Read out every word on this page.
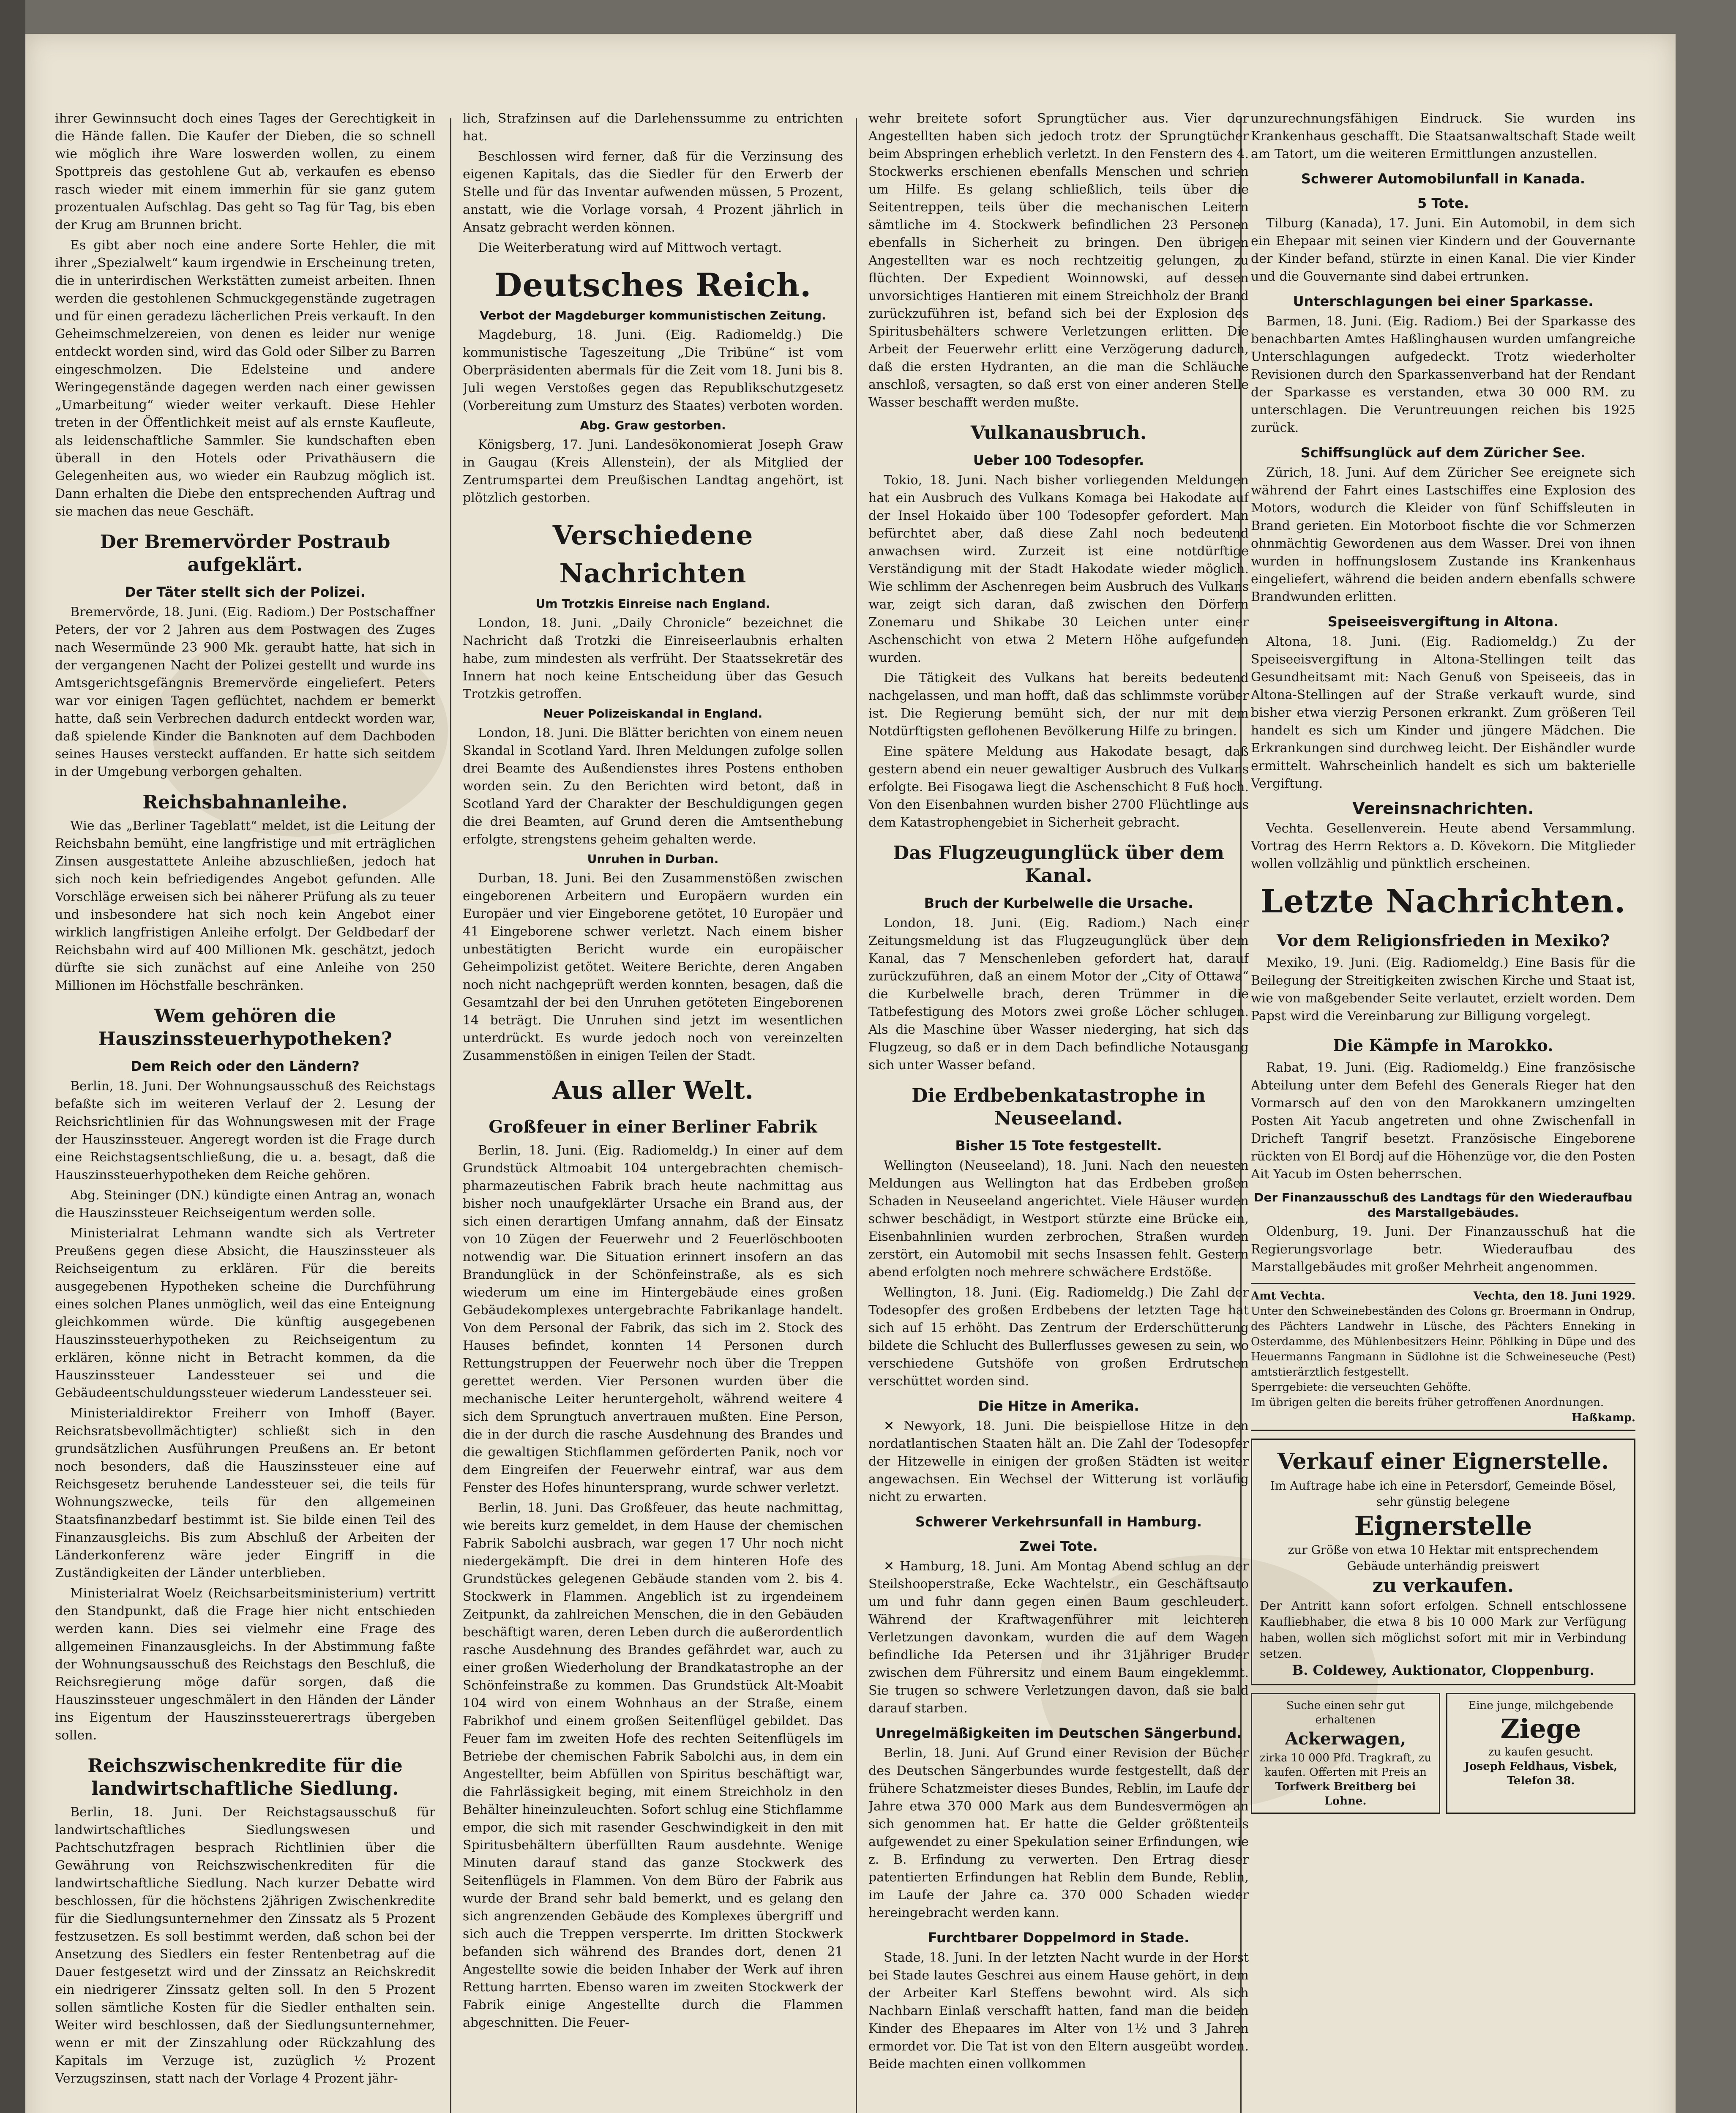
ihrer Gewinnsucht doch eines Tages der Gerechtigkeit in die Hände fallen. Die Kaufer der Dieben, die so schnell wie möglich ihre Ware loswerden wollen, zu einem Spottpreis das gestohlene Gut ab, verkaufen es ebenso rasch wieder mit einem immerhin für sie ganz gutem prozentualen Aufschlag. Das geht so Tag für Tag, bis eben der Krug am Brunnen bricht.

Es gibt aber noch eine andere Sorte Hehler, die mit ihrer „Spezialwelt“ kaum irgendwie in Erscheinung treten, die in unterirdischen Werkstätten zumeist arbeiten. Ihnen werden die gestohlenen Schmuckgegenstände zugetragen und für einen geradezu lächerlichen Preis verkauft. In den Geheimschmelzereien, von denen es leider nur wenige entdeckt worden sind, wird das Gold oder Silber zu Barren eingeschmolzen. Die Edelsteine und andere Weringegenstände dagegen werden nach einer gewissen „Umarbeitung“ wieder weiter verkauft. Diese Hehler treten in der Öffentlichkeit meist auf als ernste Kaufleute, als leidenschaftliche Sammler. Sie kundschaften eben überall in den Hotels oder Privathäusern die Gelegenheiten aus, wo wieder ein Raubzug möglich ist. Dann erhalten die Diebe den entsprechenden Auftrag und sie machen das neue Geschäft.

Der Bremervörder Postraub aufgeklärt.
Der Täter stellt sich der Polizei.

Bremervörde, 18. Juni. (Eig. Radiom.) Der Postschaffner Peters, der vor 2 Jahren aus dem Postwagen des Zuges nach Wesermünde 23 900 Mk. geraubt hatte, hat sich in der vergangenen Nacht der Polizei gestellt und wurde ins Amtsgerichtsgefängnis Bremervörde eingeliefert. Peters war vor einigen Tagen geflüchtet, nachdem er bemerkt hatte, daß sein Verbrechen dadurch entdeckt worden war, daß spielende Kinder die Banknoten auf dem Dachboden seines Hauses versteckt auffanden. Er hatte sich seitdem in der Umgebung verborgen gehalten.

Reichsbahnanleihe.

Wie das „Berliner Tageblatt“ meldet, ist die Leitung der Reichsbahn bemüht, eine langfristige und mit erträglichen Zinsen ausgestattete Anleihe abzuschließen, jedoch hat sich noch kein befriedigendes Angebot gefunden. Alle Vorschläge erweisen sich bei näherer Prüfung als zu teuer und insbesondere hat sich noch kein Angebot einer wirklich langfristigen Anleihe erfolgt. Der Geldbedarf der Reichsbahn wird auf 400 Millionen Mk. geschätzt, jedoch dürfte sie sich zunächst auf eine Anleihe von 250 Millionen im Höchstfalle beschränken.

Wem gehören die Hauszinssteuerhypotheken?
Dem Reich oder den Ländern?

Berlin, 18. Juni. Der Wohnungsausschuß des Reichstags befaßte sich im weiteren Verlauf der 2. Lesung der Reichsrichtlinien für das Wohnungswesen mit der Frage der Hauszinssteuer. Angeregt worden ist die Frage durch eine Reichstagsentschließung, die u. a. besagt, daß die Hauszinssteuerhypotheken dem Reiche gehören.

Abg. Steininger (DN.) kündigte einen Antrag an, wonach die Hauszinssteuer Reichseigentum werden solle.

Ministerialrat Lehmann wandte sich als Vertreter Preußens gegen diese Absicht, die Hauszinssteuer als Reichseigentum zu erklären. Für die bereits ausgegebenen Hypotheken scheine die Durchführung eines solchen Planes unmöglich, weil das eine Enteignung gleichkommen würde. Die künftig ausgegebenen Hauszinssteuerhypotheken zu Reichseigentum zu erklären, könne nicht in Betracht kommen, da die Hauszinssteuer Landessteuer sei und die Gebäudeentschuldungssteuer wiederum Landessteuer sei.

Ministerialdirektor Freiherr von Imhoff (Bayer. Reichsratsbevollmächtigter) schließt sich in den grundsätzlichen Ausführungen Preußens an. Er betont noch besonders, daß die Hauszinssteuer eine auf Reichsgesetz beruhende Landessteuer sei, die teils für Wohnungszwecke, teils für den allgemeinen Staatsfinanzbedarf bestimmt ist. Sie bilde einen Teil des Finanzausgleichs. Bis zum Abschluß der Arbeiten der Länderkonferenz wäre jeder Eingriff in die Zuständigkeiten der Länder unterblieben.

Ministerialrat Woelz (Reichsarbeitsministerium) vertritt den Standpunkt, daß die Frage hier nicht entschieden werden kann. Dies sei vielmehr eine Frage des allgemeinen Finanzausgleichs. In der Abstimmung faßte der Wohnungsausschuß des Reichstags den Beschluß, die Reichsregierung möge dafür sorgen, daß die Hauszinssteuer ungeschmälert in den Händen der Länder ins Eigentum der Hauszinssteuerertrags übergeben sollen.

Reichszwischenkredite für die landwirtschaftliche Siedlung.

Berlin, 18. Juni. Der Reichstagsausschuß für landwirtschaftliches Siedlungswesen und Pachtschutzfragen besprach Richtlinien über die Gewährung von Reichszwischenkrediten für die landwirtschaftliche Siedlung. Nach kurzer Debatte wird beschlossen, für die höchstens 2jährigen Zwischenkredite für die Siedlungsunternehmer den Zinssatz als 5 Prozent festzusetzen. Es soll bestimmt werden, daß schon bei der Ansetzung des Siedlers ein fester Rentenbetrag auf die Dauer festgesetzt wird und der Zinssatz an Reichskredit ein niedrigerer Zinssatz gelten soll. In den 5 Prozent sollen sämtliche Kosten für die Siedler enthalten sein. Weiter wird beschlossen, daß der Siedlungsunternehmer, wenn er mit der Zinszahlung oder Rückzahlung des Kapitals im Verzuge ist, zuzüglich ½ Prozent Verzugszinsen, statt nach der Vorlage 4 Prozent jähr-

lich, Strafzinsen auf die Darlehenssumme zu entrichten hat.

Beschlossen wird ferner, daß für die Verzinsung des eigenen Kapitals, das die Siedler für den Erwerb der Stelle und für das Inventar aufwenden müssen, 5 Prozent, anstatt, wie die Vorlage vorsah, 4 Prozent jährlich in Ansatz gebracht werden können.

Die Weiterberatung wird auf Mittwoch vertagt.

Deutsches Reich.
Verbot der Magdeburger kommunistischen Zeitung.

Magdeburg, 18. Juni. (Eig. Radiomeldg.) Die kommunistische Tageszeitung „Die Tribüne“ ist vom Oberpräsidenten abermals für die Zeit vom 18. Juni bis 8. Juli wegen Verstoßes gegen das Republikschutzgesetz (Vorbereitung zum Umsturz des Staates) verboten worden.

Abg. Graw gestorben.

Königsberg, 17. Juni. Landesökonomierat Joseph Graw in Gaugau (Kreis Allenstein), der als Mitglied der Zentrumspartei dem Preußischen Landtag angehört, ist plötzlich gestorben.

Verschiedene Nachrichten
Um Trotzkis Einreise nach England.

London, 18. Juni. „Daily Chronicle“ bezeichnet die Nachricht daß Trotzki die Einreiseerlaubnis erhalten habe, zum mindesten als verfrüht. Der Staatssekretär des Innern hat noch keine Entscheidung über das Gesuch Trotzkis getroffen.

Neuer Polizeiskandal in England.

London, 18. Juni. Die Blätter berichten von einem neuen Skandal in Scotland Yard. Ihren Meldungen zufolge sollen drei Beamte des Außendienstes ihres Postens enthoben worden sein. Zu den Berichten wird betont, daß in Scotland Yard der Charakter der Beschuldigungen gegen die drei Beamten, auf Grund deren die Amtsenthebung erfolgte, strengstens geheim gehalten werde.

Unruhen in Durban.

Durban, 18. Juni. Bei den Zusammenstößen zwischen eingeborenen Arbeitern und Europäern wurden ein Europäer und vier Eingeborene getötet, 10 Europäer und 41 Eingeborene schwer verletzt. Nach einem bisher unbestätigten Bericht wurde ein europäischer Geheimpolizist getötet. Weitere Berichte, deren Angaben noch nicht nachgeprüft werden konnten, besagen, daß die Gesamtzahl der bei den Unruhen getöteten Eingeborenen 14 beträgt. Die Unruhen sind jetzt im wesentlichen unterdrückt. Es wurde jedoch noch von vereinzelten Zusammenstößen in einigen Teilen der Stadt.

Aus aller Welt.
Großfeuer in einer Berliner Fabrik

Berlin, 18. Juni. (Eig. Radiomeldg.) In einer auf dem Grundstück Altmoabit 104 untergebrachten chemisch-pharmazeutischen Fabrik brach heute nachmittag aus bisher noch unaufgeklärter Ursache ein Brand aus, der sich einen derartigen Umfang annahm, daß der Einsatz von 10 Zügen der Feuerwehr und 2 Feuerlöschbooten notwendig war. Die Situation erinnert insofern an das Brandunglück in der Schönfeinstraße, als es sich wiederum um eine im Hintergebäude eines großen Gebäudekomplexes untergebrachte Fabrikanlage handelt. Von dem Personal der Fabrik, das sich im 2. Stock des Hauses befindet, konnten 14 Personen durch Rettungstruppen der Feuerwehr noch über die Treppen gerettet werden. Vier Personen wurden über die mechanische Leiter heruntergeholt, während weitere 4 sich dem Sprungtuch anvertrauen mußten. Eine Person, die in der durch die rasche Ausdehnung des Brandes und die gewaltigen Stichflammen geförderten Panik, noch vor dem Eingreifen der Feuerwehr eintraf, war aus dem Fenster des Hofes hinuntersprang, wurde schwer verletzt.

Berlin, 18. Juni. Das Großfeuer, das heute nachmittag, wie bereits kurz gemeldet, in dem Hause der chemischen Fabrik Sabolchi ausbrach, war gegen 17 Uhr noch nicht niedergekämpft. Die drei in dem hinteren Hofe des Grundstückes gelegenen Gebäude standen vom 2. bis 4. Stockwerk in Flammen. Angeblich ist zu irgendeinem Zeitpunkt, da zahlreichen Menschen, die in den Gebäuden beschäftigt waren, deren Leben durch die außerordentlich rasche Ausdehnung des Brandes gefährdet war, auch zu einer großen Wiederholung der Brandkatastrophe an der Schönfeinstraße zu kommen. Das Grundstück Alt-Moabit 104 wird von einem Wohnhaus an der Straße, einem Fabrikhof und einem großen Seitenflügel gebildet. Das Feuer fam im zweiten Hofe des rechten Seitenflügels im Betriebe der chemischen Fabrik Sabolchi aus, in dem ein Angestellter, beim Abfüllen von Spiritus beschäftigt war, die Fahrlässigkeit beging, mit einem Streichholz in den Behälter hineinzuleuchten. Sofort schlug eine Stichflamme empor, die sich mit rasender Geschwindigkeit in den mit Spiritusbehältern überfüllten Raum ausdehnte. Wenige Minuten darauf stand das ganze Stockwerk des Seitenflügels in Flammen. Von dem Büro der Fabrik aus wurde der Brand sehr bald bemerkt, und es gelang den sich angrenzenden Gebäude des Komplexes übergriff und sich auch die Treppen versperrte. Im dritten Stockwerk befanden sich während des Brandes dort, denen 21 Angestellte sowie die beiden Inhaber der Werk auf ihren Rettung harrten. Ebenso waren im zweiten Stockwerk der Fabrik einige Angestellte durch die Flammen abgeschnitten. Die Feuer-

wehr breitete sofort Sprungtücher aus. Vier der Angestellten haben sich jedoch trotz der Sprungtücher beim Abspringen erheblich verletzt. In den Fenstern des 4. Stockwerks erschienen ebenfalls Menschen und schrien um Hilfe. Es gelang schließlich, teils über die Seitentreppen, teils über die mechanischen Leitern sämtliche im 4. Stockwerk befindlichen 23 Personen ebenfalls in Sicherheit zu bringen. Den übrigen Angestellten war es noch rechtzeitig gelungen, zu flüchten. Der Expedient Woinnowski, auf dessen unvorsichtiges Hantieren mit einem Streichholz der Brand zurückzuführen ist, befand sich bei der Explosion des Spiritusbehälters schwere Verletzungen erlitten. Die Arbeit der Feuerwehr erlitt eine Verzögerung dadurch, daß die ersten Hydranten, an die man die Schläuche anschloß, versagten, so daß erst von einer anderen Stelle Wasser beschafft werden mußte.

Vulkanausbruch.
Ueber 100 Todesopfer.

Tokio, 18. Juni. Nach bisher vorliegenden Meldungen hat ein Ausbruch des Vulkans Komaga bei Hakodate auf der Insel Hokaido über 100 Todesopfer gefordert. Man befürchtet aber, daß diese Zahl noch bedeutend anwachsen wird. Zurzeit ist eine notdürftige Verständigung mit der Stadt Hakodate wieder möglich. Wie schlimm der Aschenregen beim Ausbruch des Vulkans war, zeigt sich daran, daß zwischen den Dörfern Zonemaru und Shikabe 30 Leichen unter einer Aschenschicht von etwa 2 Metern Höhe aufgefunden wurden.

Die Tätigkeit des Vulkans hat bereits bedeutend nachgelassen, und man hofft, daß das schlimmste vorüber ist. Die Regierung bemüht sich, der nur mit dem Notdürftigsten geflohenen Bevölkerung Hilfe zu bringen.

Eine spätere Meldung aus Hakodate besagt, daß gestern abend ein neuer gewaltiger Ausbruch des Vulkans erfolgte. Bei Fisogawa liegt die Aschenschicht 8 Fuß hoch. Von den Eisenbahnen wurden bisher 2700 Flüchtlinge aus dem Katastrophengebiet in Sicherheit gebracht.

Das Flugzeugunglück über dem Kanal.
Bruch der Kurbelwelle die Ursache.

London, 18. Juni. (Eig. Radiom.) Nach einer Zeitungsmeldung ist das Flugzeugunglück über dem Kanal, das 7 Menschenleben gefordert hat, darauf zurückzuführen, daß an einem Motor der „City of Ottawa“ die Kurbelwelle brach, deren Trümmer in die Tatbefestigung des Motors zwei große Löcher schlugen. Als die Maschine über Wasser niederging, hat sich das Flugzeug, so daß er in dem Dach befindliche Notausgang sich unter Wasser befand.

Die Erdbebenkatastrophe in Neuseeland.
Bisher 15 Tote festgestellt.

Wellington (Neuseeland), 18. Juni. Nach den neuesten Meldungen aus Wellington hat das Erdbeben großen Schaden in Neuseeland angerichtet. Viele Häuser wurden schwer beschädigt, in Westport stürzte eine Brücke ein, Eisenbahnlinien wurden zerbrochen, Straßen wurden zerstört, ein Automobil mit sechs Insassen fehlt. Gestern abend erfolgten noch mehrere schwächere Erdstöße.

Wellington, 18. Juni. (Eig. Radiomeldg.) Die Zahl der Todesopfer des großen Erdbebens der letzten Tage hat sich auf 15 erhöht. Das Zentrum der Erderschütterung bildete die Schlucht des Bullerflusses gewesen zu sein, wo verschiedene Gutshöfe von großen Erdrutschen verschüttet worden sind.

Die Hitze in Amerika.

✕ Newyork, 18. Juni. Die beispiellose Hitze in den nordatlantischen Staaten hält an. Die Zahl der Todesopfer der Hitzewelle in einigen der großen Städten ist weiter angewachsen. Ein Wechsel der Witterung ist vorläufig nicht zu erwarten.

Schwerer Verkehrsunfall in Hamburg.
Zwei Tote.

✕ Hamburg, 18. Juni. Am Montag Abend schlug an der Steilshooperstraße, Ecke Wachtelstr., ein Geschäftsauto um und fuhr dann gegen einen Baum geschleudert. Während der Kraftwagenführer mit leichteren Verletzungen davonkam, wurden die auf dem Wagen befindliche Ida Petersen und ihr 31jähriger Bruder zwischen dem Führersitz und einem Baum eingeklemmt. Sie trugen so schwere Verletzungen davon, daß sie bald darauf starben.

Unregelmäßigkeiten im Deutschen Sängerbund.

Berlin, 18. Juni. Auf Grund einer Revision der Bücher des Deutschen Sängerbundes wurde festgestellt, daß der frühere Schatzmeister dieses Bundes, Reblin, im Laufe der Jahre etwa 370 000 Mark aus dem Bundesvermögen an sich genommen hat. Er hatte die Gelder größtenteils aufgewendet zu einer Spekulation seiner Erfindungen, wie z. B. Erfindung zu verwerten. Den Ertrag dieser patentierten Erfindungen hat Reblin dem Bunde, Reblin, im Laufe der Jahre ca. 370 000 Schaden wieder hereingebracht werden kann.

Furchtbarer Doppelmord in Stade.

Stade, 18. Juni. In der letzten Nacht wurde in der Horst bei Stade lautes Geschrei aus einem Hause gehört, in dem der Arbeiter Karl Steffens bewohnt wird. Als sich Nachbarn Einlaß verschafft hatten, fand man die beiden Kinder des Ehepaares im Alter von 1½ und 3 Jahren ermordet vor. Die Tat ist von den Eltern ausgeübt worden. Beide machten einen vollkommen

unzurechnungsfähigen Eindruck. Sie wurden ins Krankenhaus geschafft. Die Staatsanwaltschaft Stade weilt am Tatort, um die weiteren Ermittlungen anzustellen.

Schwerer Automobilunfall in Kanada.
5 Tote.

Tilburg (Kanada), 17. Juni. Ein Automobil, in dem sich ein Ehepaar mit seinen vier Kindern und der Gouvernante der Kinder befand, stürzte in einen Kanal. Die vier Kinder und die Gouvernante sind dabei ertrunken.

Unterschlagungen bei einer Sparkasse.

Barmen, 18. Juni. (Eig. Radiom.) Bei der Sparkasse des benachbarten Amtes Haßlinghausen wurden umfangreiche Unterschlagungen aufgedeckt. Trotz wiederholter Revisionen durch den Sparkassenverband hat der Rendant der Sparkasse es verstanden, etwa 30 000 RM. zu unterschlagen. Die Veruntreuungen reichen bis 1925 zurück.

Schiffsunglück auf dem Züricher See.

Zürich, 18. Juni. Auf dem Züricher See ereignete sich während der Fahrt eines Lastschiffes eine Explosion des Motors, wodurch die Kleider von fünf Schiffsleuten in Brand gerieten. Ein Motorboot fischte die vor Schmerzen ohnmächtig Gewordenen aus dem Wasser. Drei von ihnen wurden in hoffnungslosem Zustande ins Krankenhaus eingeliefert, während die beiden andern ebenfalls schwere Brandwunden erlitten.

Speiseeisvergiftung in Altona.

Altona, 18. Juni. (Eig. Radiomeldg.) Zu der Speiseeisvergiftung in Altona-Stellingen teilt das Gesundheitsamt mit: Nach Genuß von Speiseeis, das in Altona-Stellingen auf der Straße verkauft wurde, sind bisher etwa vierzig Personen erkrankt. Zum größeren Teil handelt es sich um Kinder und jüngere Mädchen. Die Erkrankungen sind durchweg leicht. Der Eishändler wurde ermittelt. Wahrscheinlich handelt es sich um bakterielle Vergiftung.

Vereinsnachrichten.

Vechta. Gesellenverein. Heute abend Versammlung. Vortrag des Herrn Rektors a. D. Kövekorn. Die Mitglieder wollen vollzählig und pünktlich erscheinen.

Letzte Nachrichten.
Vor dem Religionsfrieden in Mexiko?

Mexiko, 19. Juni. (Eig. Radiomeldg.) Eine Basis für die Beilegung der Streitigkeiten zwischen Kirche und Staat ist, wie von maßgebender Seite verlautet, erzielt worden. Dem Papst wird die Vereinbarung zur Billigung vorgelegt.

Die Kämpfe in Marokko.

Rabat, 19. Juni. (Eig. Radiomeldg.) Eine französische Abteilung unter dem Befehl des Generals Rieger hat den Vormarsch auf den von den Marokkanern umzingelten Posten Ait Yacub angetreten und ohne Zwischenfall in Dricheft Tangrif besetzt. Französische Eingeborene rückten von El Bordj auf die Höhenzüge vor, die den Posten Ait Yacub im Osten beherrschen.

Der Finanzausschuß des Landtags für den Wiederaufbau des Marstallgebäudes.

Oldenburg, 19. Juni. Der Finanzausschuß hat die Regierungsvorlage betr. Wiederaufbau des Marstallgebäudes mit großer Mehrheit angenommen.

Amt Vechta.	Vechta, den 18. Juni 1929.
Unter den Schweinebeständen des Colons gr. Broermann in Ondrup, des Pächters Landwehr in Lüsche, des Pächters Enneking in Osterdamme, des Mühlenbesitzers Heinr. Pöhlking in Düpe und des Heuermanns Fangmann in Südlohne ist die Schweineseuche (Pest) amtstierärztlich festgestellt.
Sperrgebiete: die verseuchten Gehöfte.
Im übrigen gelten die bereits früher getroffenen Anordnungen.
Haßkamp.
Verkauf einer Eignerstelle.
Im Auftrage habe ich eine in Petersdorf, Gemeinde Bösel, sehr günstig belegene
Eignerstelle
zur Größe von etwa 10 Hektar mit entsprechendem Gebäude unterhändig preiswert
zu verkaufen.
Der Antritt kann sofort erfolgen. Schnell entschlossene Kaufliebhaber, die etwa 8 bis 10 000 Mark zur Verfügung haben, wollen sich möglichst sofort mit mir in Verbindung setzen.
B. Coldewey, Auktionator, Cloppenburg.
Suche einen sehr gut erhaltenen
Ackerwagen,
zirka 10 000 Pfd. Tragkraft, zu kaufen. Offerten mit Preis an
Torfwerk Breitberg bei Lohne.
Eine junge, milchgebende
Ziege
zu kaufen gesucht.
Joseph Feldhaus, Visbek, Telefon 38.
